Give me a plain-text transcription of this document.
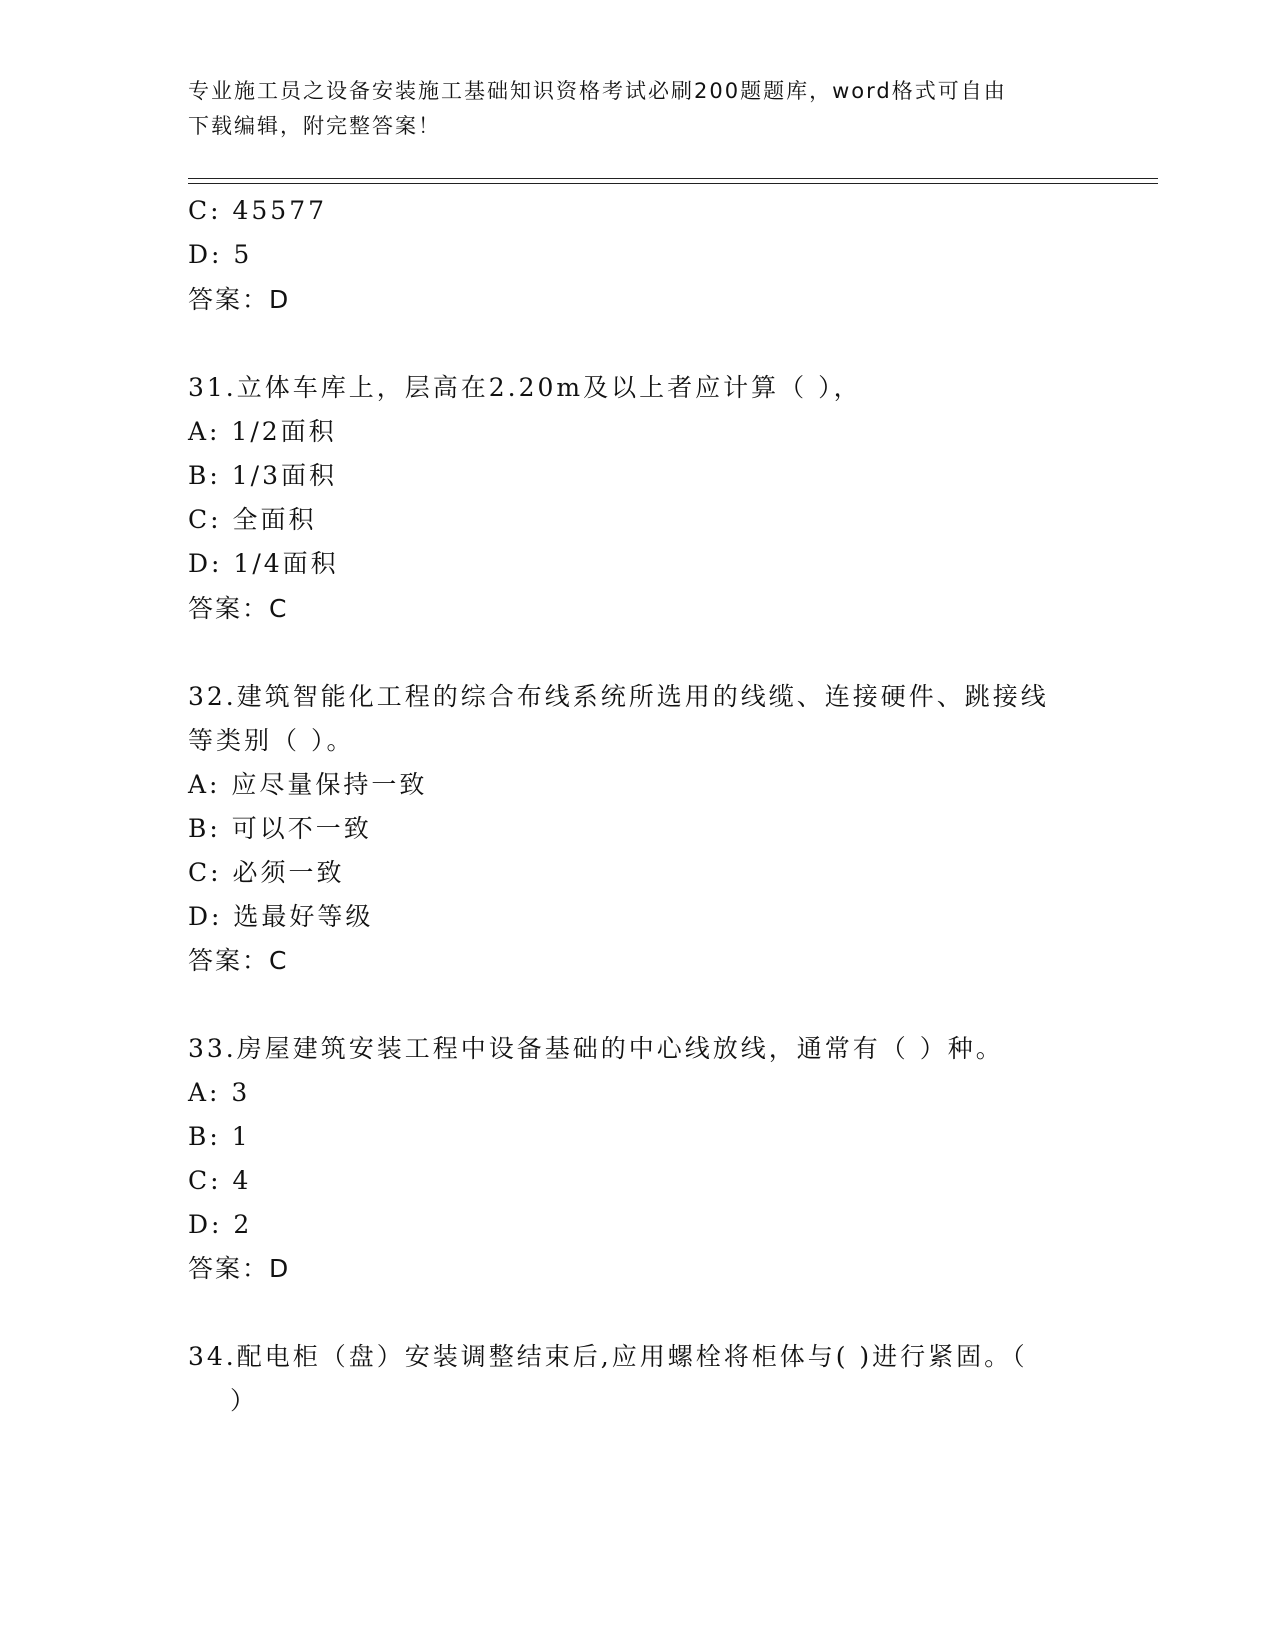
专业施工员之设备安装施工基础知识资格考试必刷200题题库，word格式可自由
下载编辑，附完整答案！
C: 45577
D: 5
答案：D
31.立体车库上，层高在2.20m及以上者应计算（ ），
A: 1/2面积
B: 1/3面积
C: 全面积
D: 1/4面积
答案：C
32.建筑智能化工程的综合布线系统所选用的线缆、连接硬件、跳接线
等类别（ ）。
A: 应尽量保持一致
B: 可以不一致
C: 必须一致
D: 选最好等级
答案：C
33.房屋建筑安装工程中设备基础的中心线放线，通常有（ ）种。
A: 3
B: 1
C: 4
D: 2
答案：D
34.配电柜（盘）安装调整结束后,应用螺栓将柜体与( )进行紧固。（
）
